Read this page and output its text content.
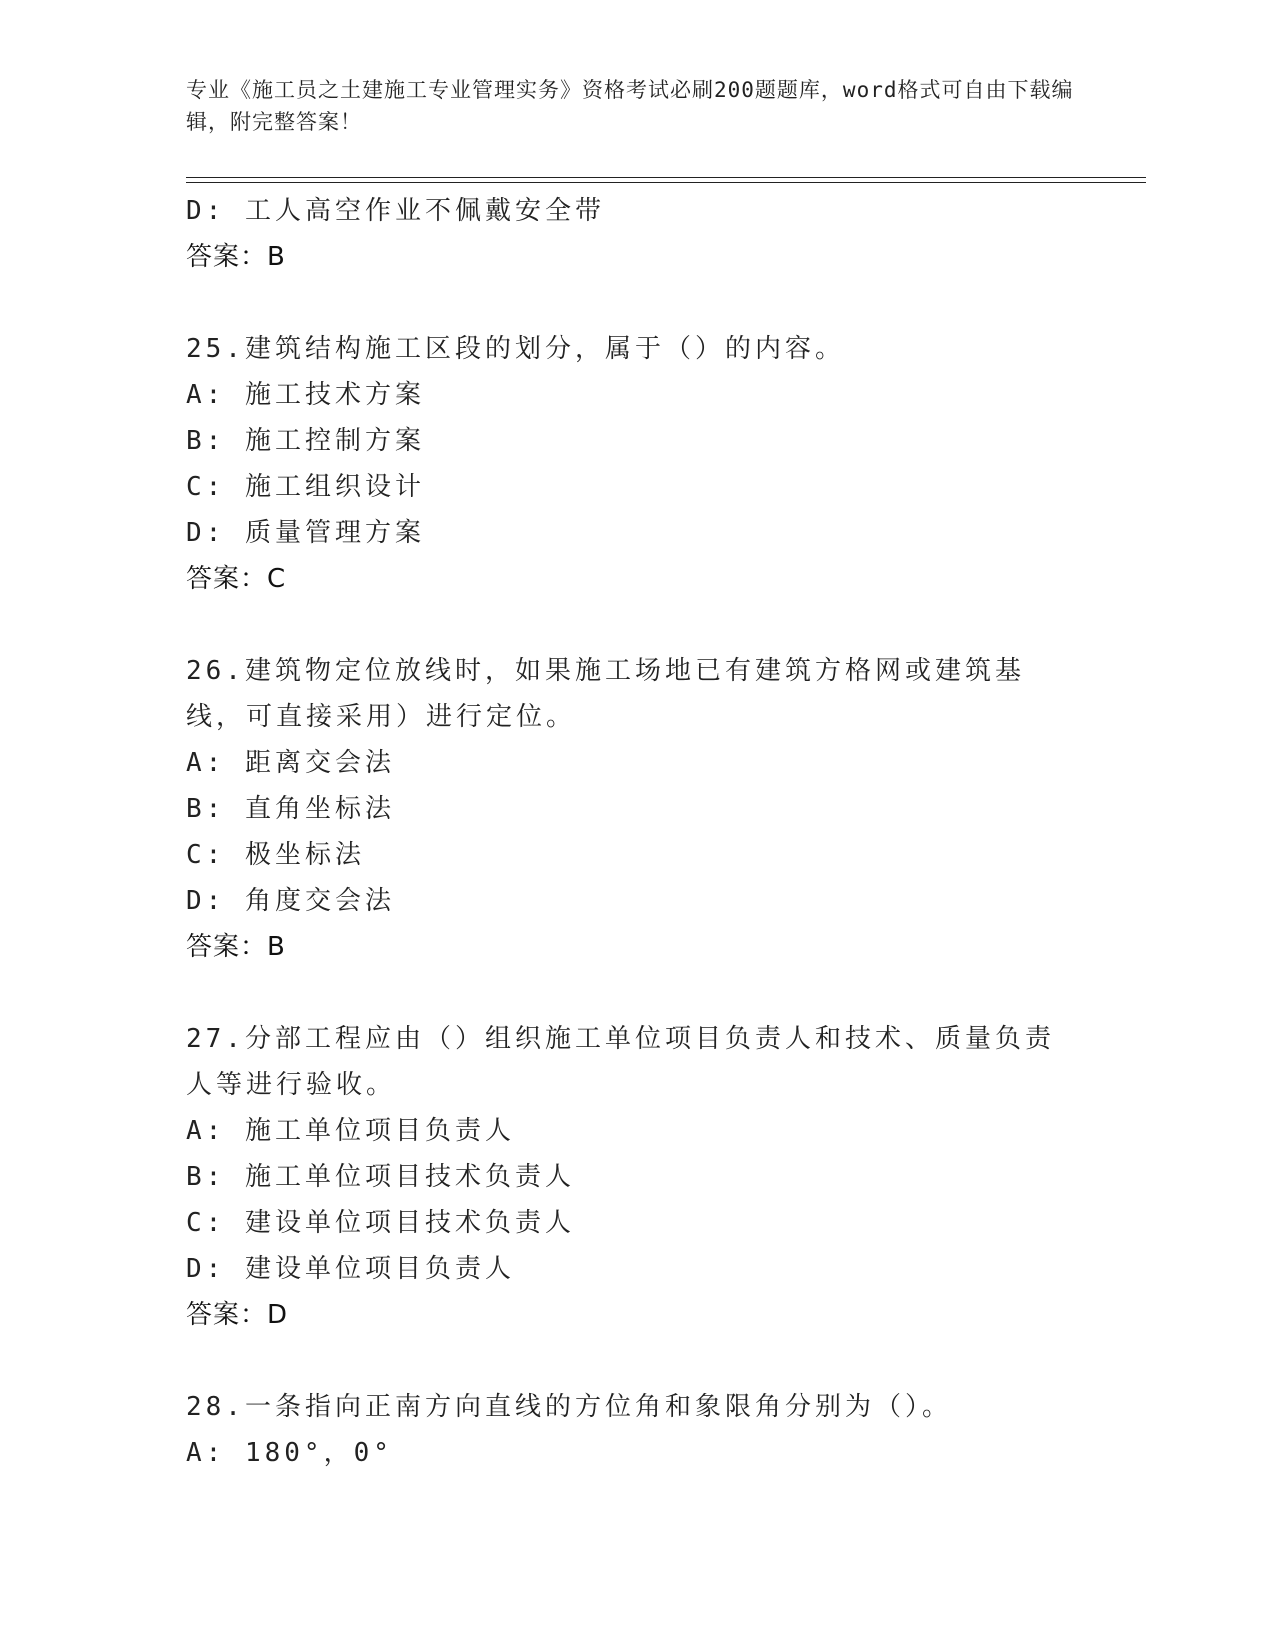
专业《施工员之土建施工专业管理实务》资格考试必刷200题题库，word格式可自由下载编辑，附完整答案！
D: 工人高空作业不佩戴安全带
答案：B
25.建筑结构施工区段的划分，属于（）的内容。
A: 施工技术方案
B: 施工控制方案
C: 施工组织设计
D: 质量管理方案
答案：C
26.建筑物定位放线时，如果施工场地已有建筑方格网或建筑基线，可直接采用）进行定位。
A: 距离交会法
B: 直角坐标法
C: 极坐标法
D: 角度交会法
答案：B
27.分部工程应由（）组织施工单位项目负责人和技术、质量负责人等进行验收。
A: 施工单位项目负责人
B: 施工单位项目技术负责人
C: 建设单位项目技术负责人
D: 建设单位项目负责人
答案：D
28.一条指向正南方向直线的方位角和象限角分别为（）。
A: 180°，0°
